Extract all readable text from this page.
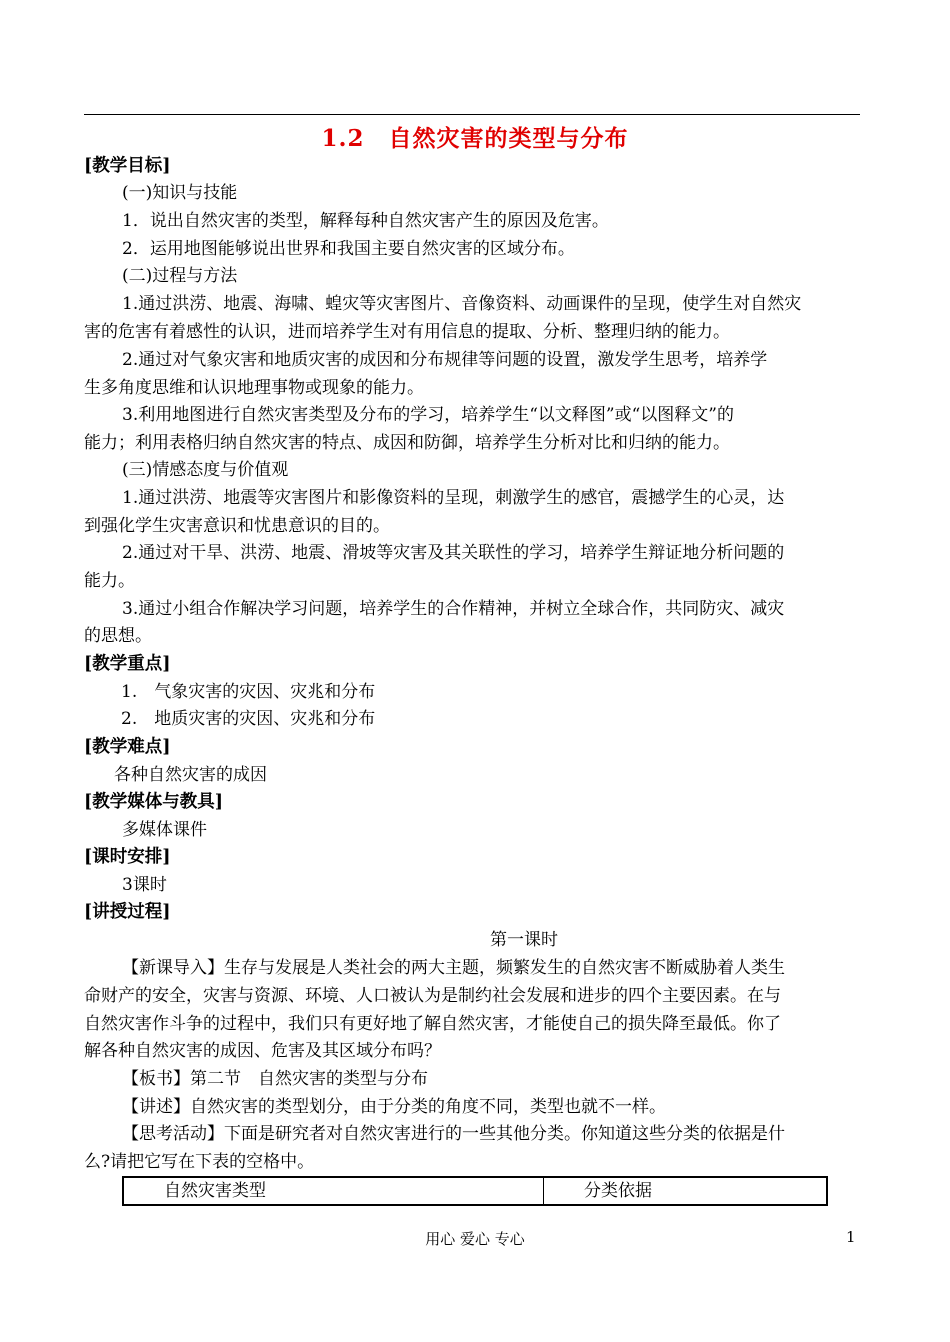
1.2　自然灾害的类型与分布
[教学目标]
(一)知识与技能
1．说出自然灾害的类型，解释每种自然灾害产生的原因及危害。
2．运用地图能够说出世界和我国主要自然灾害的区域分布。
(二)过程与方法
1.通过洪涝、地震、海啸、蝗灾等灾害图片、音像资料、动画课件的呈现，使学生对自然灾
害的危害有着感性的认识，进而培养学生对有用信息的提取、分析、整理归纳的能力。
2.通过对气象灾害和地质灾害的成因和分布规律等问题的设置，激发学生思考，培养学
生多角度思维和认识地理事物或现象的能力。
3.利用地图进行自然灾害类型及分布的学习，培养学生“以文释图”或“以图释文”的
能力；利用表格归纳自然灾害的特点、成因和防御，培养学生分析对比和归纳的能力。
(三)情感态度与价值观
1.通过洪涝、地震等灾害图片和影像资料的呈现，刺激学生的感官，震撼学生的心灵，达
到强化学生灾害意识和忧患意识的目的。
2.通过对干旱、洪涝、地震、滑坡等灾害及其关联性的学习，培养学生辩证地分析问题的
能力。
3.通过小组合作解决学习问题，培养学生的合作精神，并树立全球合作，共同防灾、减灾
的思想。
[教学重点]
1.　气象灾害的灾因、灾兆和分布
2.　地质灾害的灾因、灾兆和分布
[教学难点]
各种自然灾害的成因
[教学媒体与教具]
多媒体课件
[课时安排]
3课时
[讲授过程]
第一课时
【新课导入】生存与发展是人类社会的两大主题，频繁发生的自然灾害不断威胁着人类生
命财产的安全，灾害与资源、环境、人口被认为是制约社会发展和进步的四个主要因素。在与
自然灾害作斗争的过程中，我们只有更好地了解自然灾害，才能使自己的损失降至最低。你了
解各种自然灾害的成因、危害及其区域分布吗？
【板书】第二节　自然灾害的类型与分布
【讲述】自然灾害的类型划分，由于分类的角度不同，类型也就不一样。
【思考活动】下面是研究者对自然灾害进行的一些其他分类。你知道这些分类的依据是什
么?请把它写在下表的空格中。
自然灾害类型	分类依据
用心 爱心 专心	1
